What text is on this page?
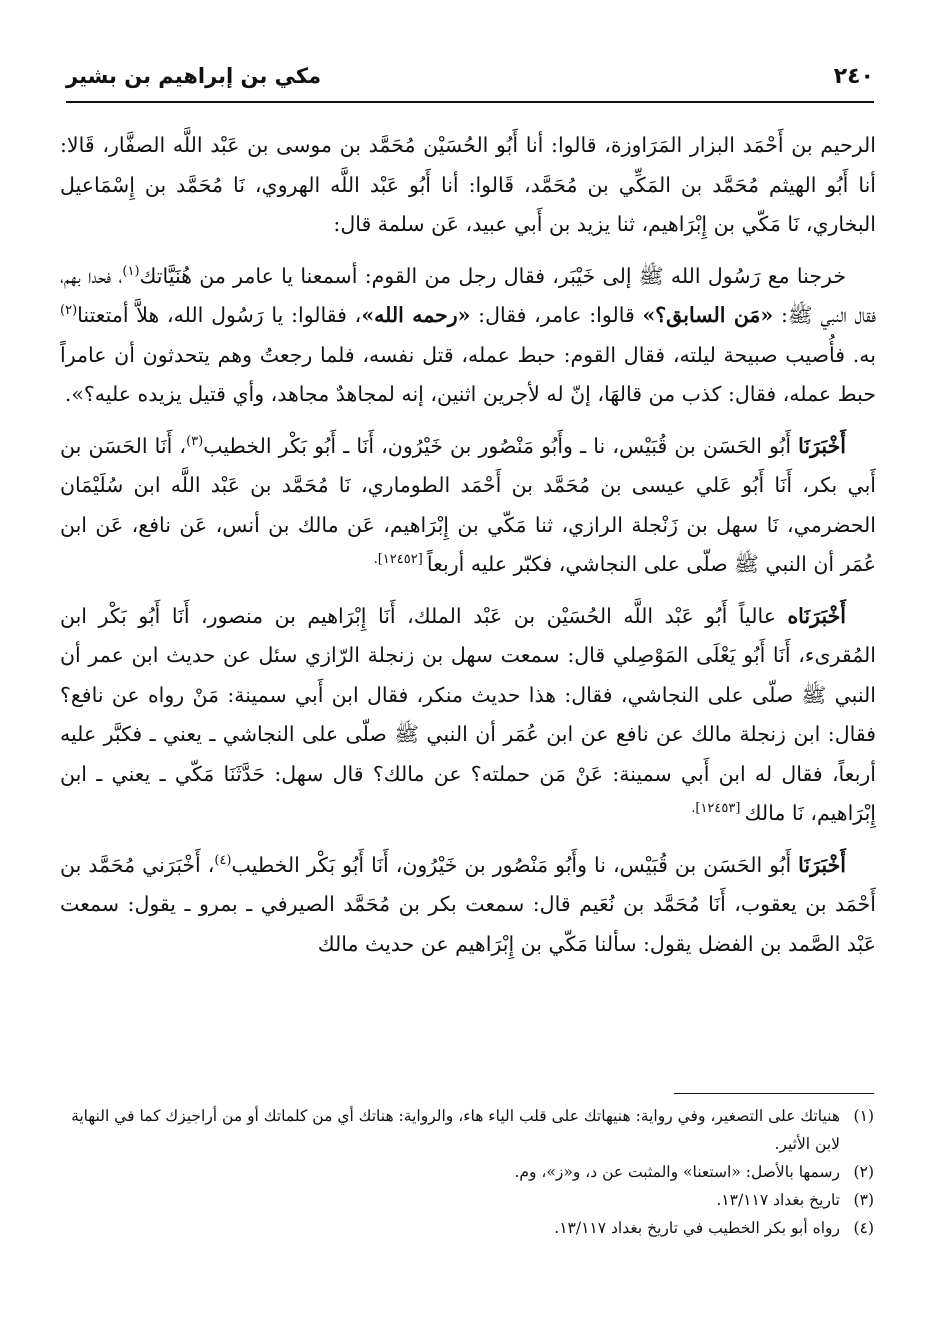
٢٤٠
مكي بن إبراهيم بن بشير

الرحيم بن أَحْمَد البزار المَرَاوزة، قالوا: أنا أَبُو الحُسَيْن مُحَمَّد بن موسى بن عَبْد اللَّه الصفَّار، قَالا: أنا أَبُو الهيثم مُحَمَّد بن المَكِّي بن مُحَمَّد، قَالوا: أنا أَبُو عَبْد اللَّه الهروي، نَا مُحَمَّد بن إِسْمَاعيل البخاري، نَا مَكّي بن إِبْرَاهيم، ثنا يزيد بن أَبي عبيد، عَن سلمة قال:

خرجنا مع رَسُول الله ﷺ إلى خَيْبَر، فقال رجل من القوم: أسمعنا يا عامر من هُنَيَّاتك$^{(١)}$، فحدا بهم، فقال النبي ﷺ: «مَن السابق؟» قالوا: عامر، فقال: «رحمه الله»، فقالوا: يا رَسُول الله، هلاَّ أمتعتنا$^{(٢)}$ به. فأُصيب صبيحة ليلته، فقال القوم: حبط عمله، قتل نفسه، فلما رجعتُ وهم يتحدثون أن عامراً حبط عمله، فقال: كذب من قالهَا، إنّ له لأجرين اثنين، إنه لمجاهدٌ مجاهد، وأي قتيل يزيده عليه؟».

أَخْبَرَنَا أَبُو الحَسَن بن قُبَيْس، نا ـ وأَبُو مَنْصُور بن خَيْرُون، أَنَا ـ أَبُو بَكْر الخطيب$^{(٣)}$، أَنَا الحَسَن بن أَبي بكر، أَنَا أَبُو عَلي عيسى بن مُحَمَّد بن أَحْمَد الطوماري، نَا مُحَمَّد بن عَبْد اللَّه ابن سُلَيْمَان الحضرمي، نَا سهل بن زَنْجلة الرازي، ثنا مَكّي بن إِبْرَاهيم، عَن مالك بن أنس، عَن نافع، عَن ابن عُمَر أن النبي ﷺ صلّى على النجاشي، فكبّر عليه أربعاً $^{[١٢٤٥٢].}$

أَخْبَرَنَاه عالياً أَبُو عَبْد اللَّه الحُسَيْن بن عَبْد الملك، أَنَا إِبْرَاهيم بن منصور، أَنَا أَبُو بَكْر ابن المُقرىء، أَنَا أَبُو يَعْلَى المَوْصِلي قال: سمعت سهل بن زنجلة الرّازي سئل عن حديث ابن عمر أن النبي ﷺ صلّى على النجاشي، فقال: هذا حديث منكر، فقال ابن أَبي سمينة: مَنْ رواه عن نافع؟ فقال: ابن زنجلة مالك عن نافع عن ابن عُمَر أن النبي ﷺ صلّى على النجاشي ـ يعني ـ فكبَّر عليه أربعاً، فقال له ابن أَبي سمينة: عَنْ مَن حملته؟ عن مالك؟ قال سهل: حَدَّثَنَا مَكّي ـ يعني ـ ابن إِبْرَاهيم، نَا مالك $^{[١٢٤٥٣].}$

أَخْبَرَنَا أَبُو الحَسَن بن قُبَيْس، نا وأَبُو مَنْصُور بن خَيْرُون، أَنَا أَبُو بَكْر الخطيب$^{(٤)}$، أَخْبَرَني مُحَمَّد بن أَحْمَد بن يعقوب، أَنَا مُحَمَّد بن نُعَيم قال: سمعت بكر بن مُحَمَّد الصيرفي ـ بمرو ـ يقول: سمعت عَبْد الصَّمد بن الفضل يقول: سألنا مَكّي بن إِبْرَاهيم عن حديث مالك

(١)
هنياتك على التصغير، وفي رواية: هنيهاتك على قلب الياء هاء، والرواية: هناتك أي من كلماتك أو من أراجيزك كما في النهاية لابن الأثير.
(٢)
رسمها بالأصل: «استعنا» والمثبت عن د، و«ز»، وم.
(٣)
تاريخ بغداد ١٣/١١٧.
(٤)
رواه أبو بكر الخطيب في تاريخ بغداد ١٣/١١٧.
